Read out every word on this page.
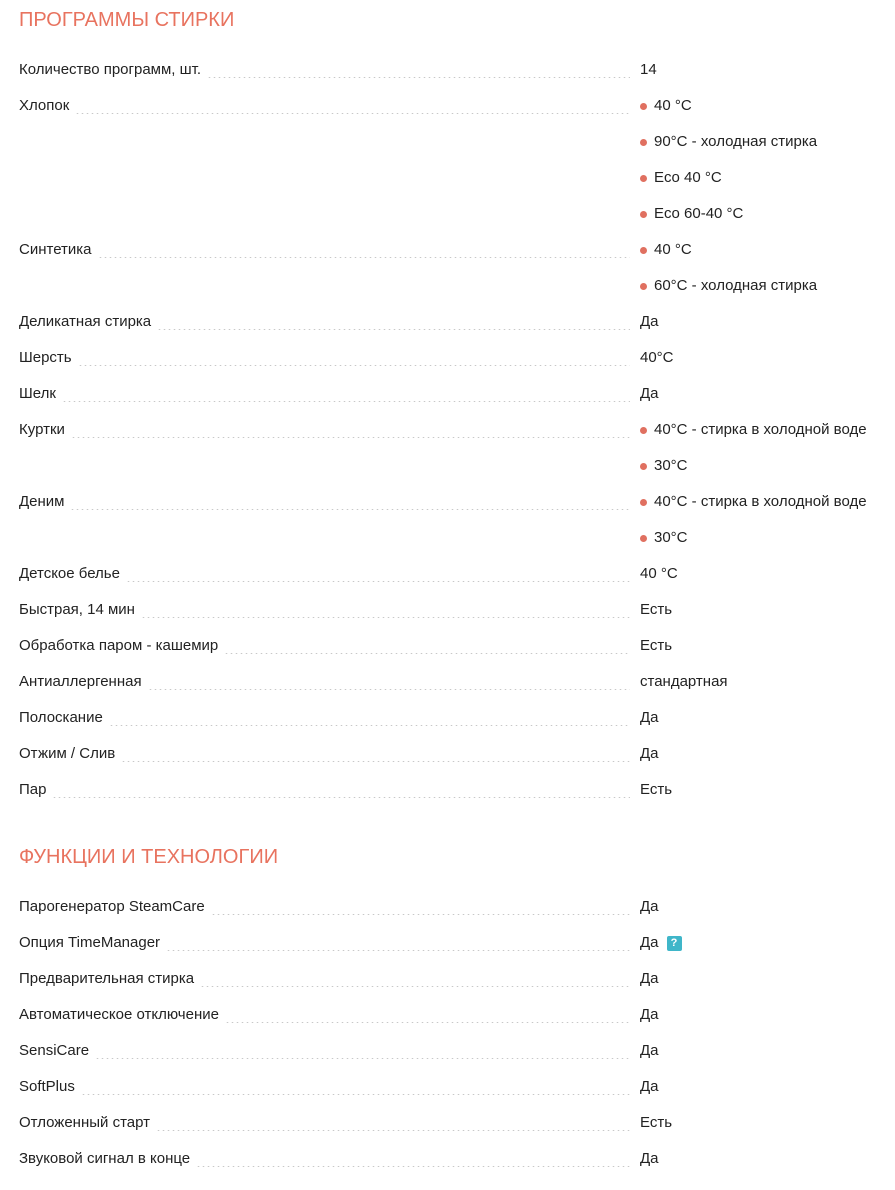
ПРОГРАММЫ СТИРКИ
Количество программ, шт.	14
Хлопок	40 °C
90°C - холодная стирка
Eco 40 °C
Eco 60-40 °C
Синтетика	40 °C
60°C - холодная стирка
Деликатная стирка	Да
Шерсть	40°C
Шелк	Да
Куртки	40°C - стирка в холодной воде
30°C
Деним	40°C - стирка в холодной воде
30°C
Детское белье	40 °C
Быстрая, 14 мин	Есть
Обработка паром - кашемир	Есть
Антиаллергенная	стандартная
Полоскание	Да
Отжим / Слив	Да
Пар	Есть
ФУНКЦИИ И ТЕХНОЛОГИИ
Парогенератор SteamCare	Да
Опция TimeManager	Да	?
Предварительная стирка	Да
Автоматическое отключение	Да
SensiCare	Да
SoftPlus	Да
Отложенный старт	Есть
Звуковой сигнал в конце	Да
